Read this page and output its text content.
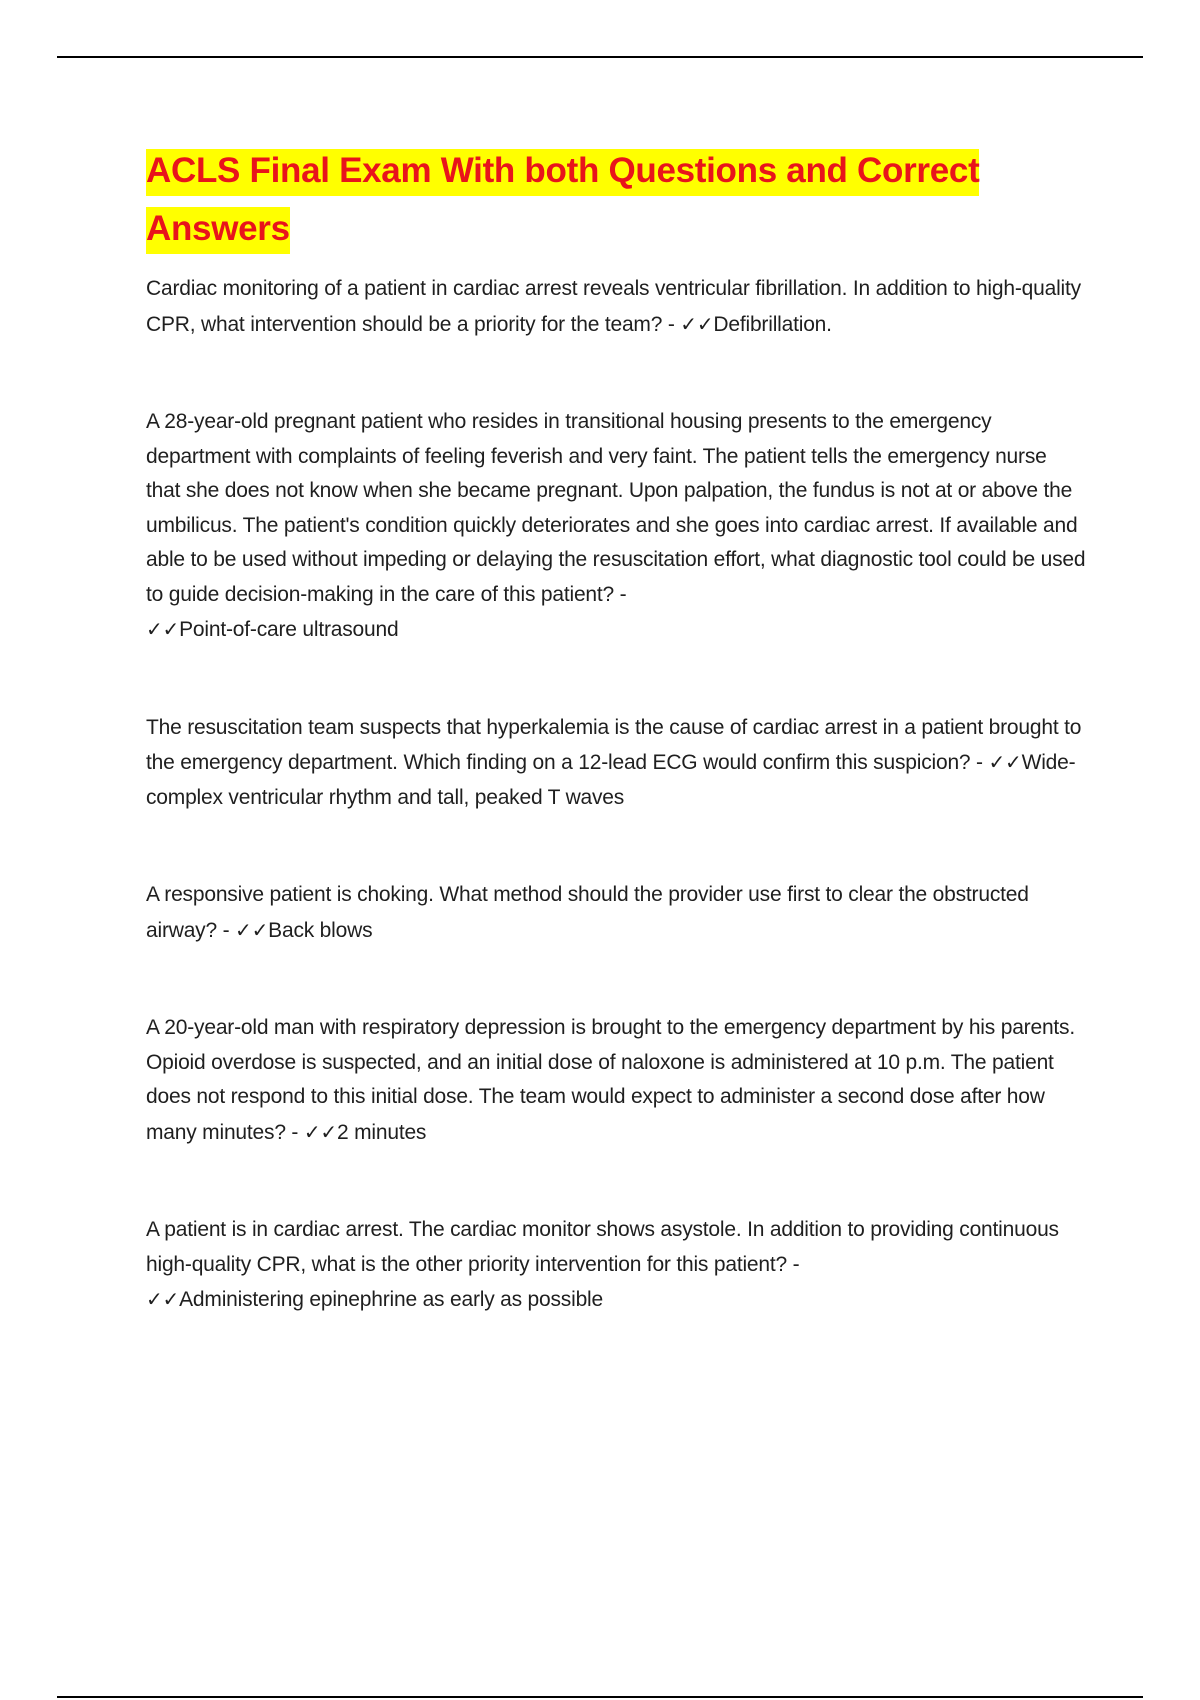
ACLS Final Exam With both Questions and Correct Answers

Cardiac monitoring of a patient in cardiac arrest reveals ventricular fibrillation. In addition to high-quality CPR, what intervention should be a priority for the team? - ✓✓Defibrillation.

A 28-year-old pregnant patient who resides in transitional housing presents to the emergency department with complaints of feeling feverish and very faint. The patient tells the emergency nurse that she does not know when she became pregnant. Upon palpation, the fundus is not at or above the umbilicus. The patient's condition quickly deteriorates and she goes into cardiac arrest. If available and able to be used without impeding or delaying the resuscitation effort, what diagnostic tool could be used to guide decision-making in the care of this patient? -
✓✓Point-of-care ultrasound

The resuscitation team suspects that hyperkalemia is the cause of cardiac arrest in a patient brought to the emergency department. Which finding on a 12-lead ECG would confirm this suspicion? - ✓✓Wide-complex ventricular rhythm and tall, peaked T waves

A responsive patient is choking. What method should the provider use first to clear the obstructed airway? - ✓✓Back blows

A 20-year-old man with respiratory depression is brought to the emergency department by his parents. Opioid overdose is suspected, and an initial dose of naloxone is administered at 10 p.m. The patient does not respond to this initial dose. The team would expect to administer a second dose after how many minutes? - ✓✓2 minutes

A patient is in cardiac arrest. The cardiac monitor shows asystole. In addition to providing continuous high-quality CPR, what is the other priority intervention for this patient? -
✓✓Administering epinephrine as early as possible
